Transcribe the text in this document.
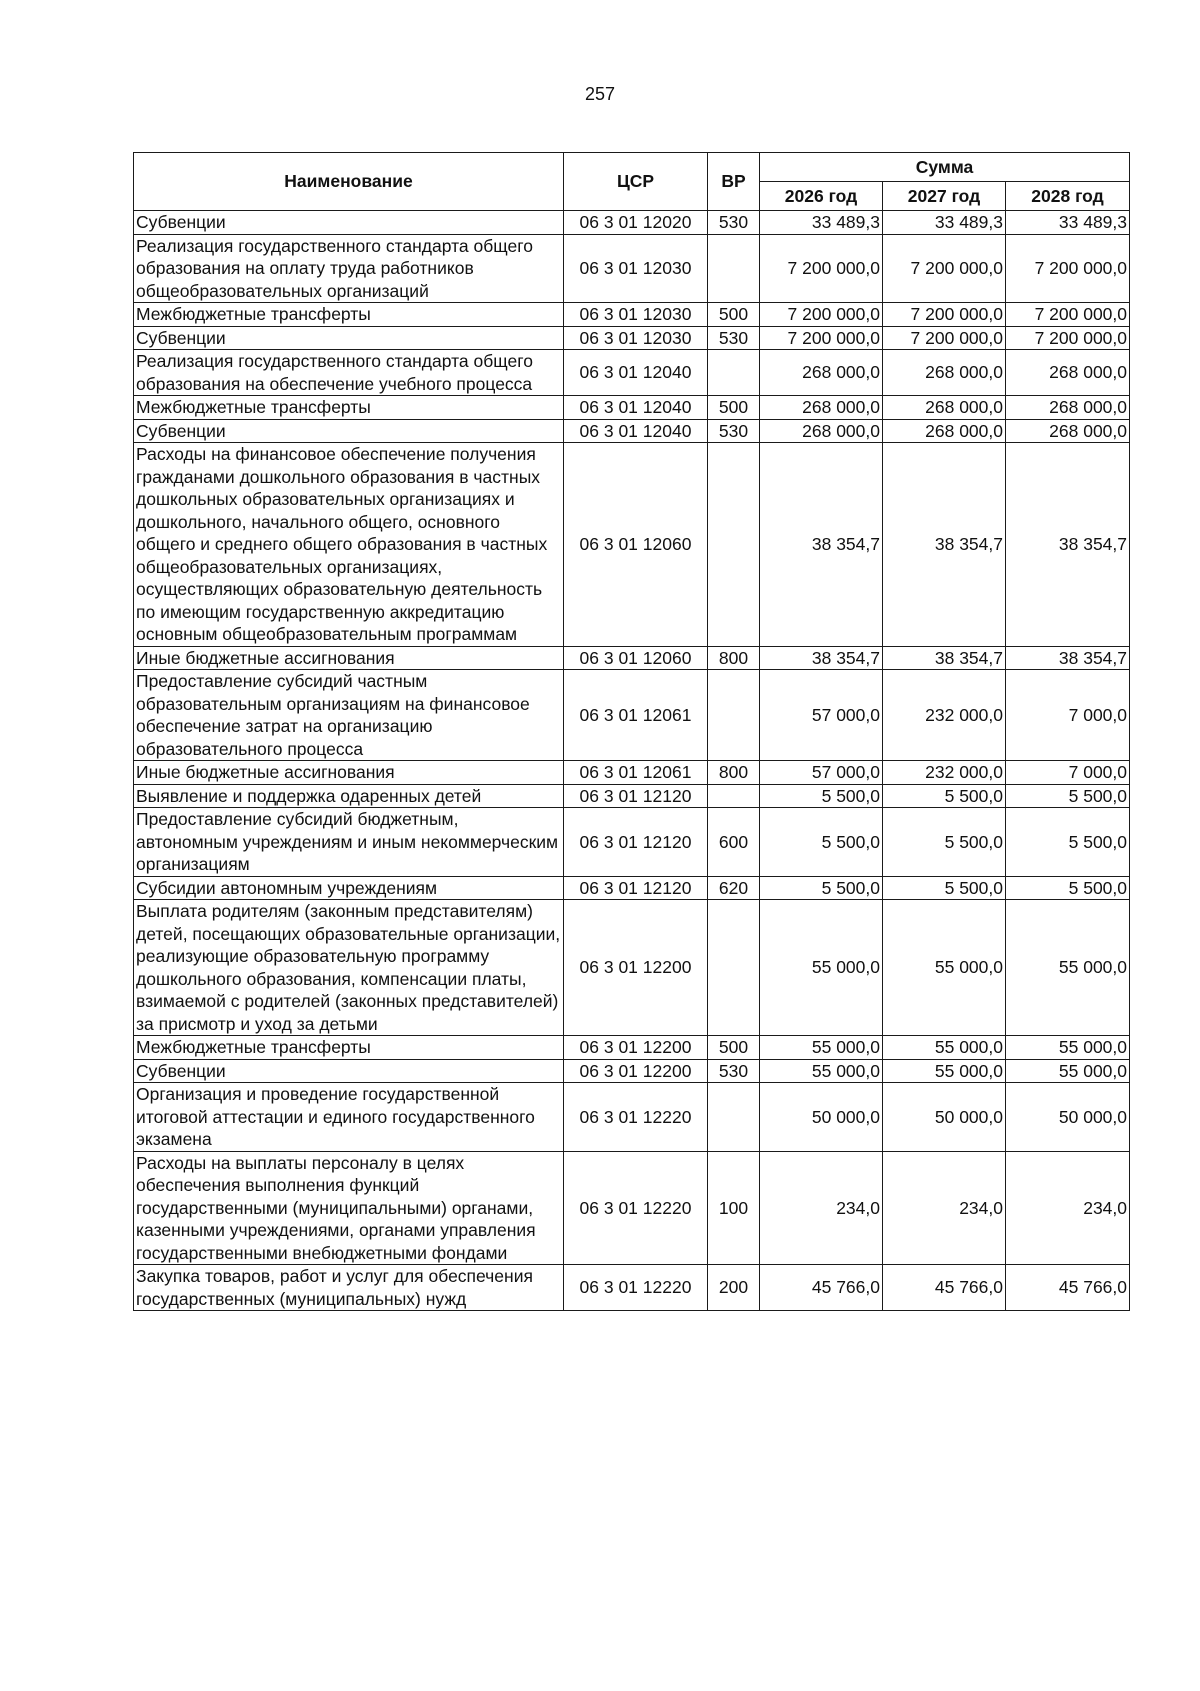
257
Наименование	ЦСР	ВР	Сумма		
			2026 год	2027 год	2028 год
Субвенции	06 3 01 12020	530	33 489,3	33 489,3	33 489,3
Реализация государственного стандарта общего образования на оплату труда работников общеобразовательных организаций	06 3 01 12030		7 200 000,0	7 200 000,0	7 200 000,0
Межбюджетные трансферты	06 3 01 12030	500	7 200 000,0	7 200 000,0	7 200 000,0
Субвенции	06 3 01 12030	530	7 200 000,0	7 200 000,0	7 200 000,0
Реализация государственного стандарта общего образования на обеспечение учебного процесса	06 3 01 12040		268 000,0	268 000,0	268 000,0
Межбюджетные трансферты	06 3 01 12040	500	268 000,0	268 000,0	268 000,0
Субвенции	06 3 01 12040	530	268 000,0	268 000,0	268 000,0
Расходы на финансовое обеспечение получения гражданами дошкольного образования в частных дошкольных образовательных организациях и дошкольного, начального общего, основного общего и среднего общего образования в частных общеобразовательных организациях, осуществляющих образовательную деятельность по имеющим государственную аккредитацию основным общеобразовательным программам	06 3 01 12060		38 354,7	38 354,7	38 354,7
Иные бюджетные ассигнования	06 3 01 12060	800	38 354,7	38 354,7	38 354,7
Предоставление субсидий частным образовательным организациям на финансовое обеспечение затрат на организацию образовательного процесса	06 3 01 12061		57 000,0	232 000,0	7 000,0
Иные бюджетные ассигнования	06 3 01 12061	800	57 000,0	232 000,0	7 000,0
Выявление и поддержка одаренных детей	06 3 01 12120		5 500,0	5 500,0	5 500,0
Предоставление субсидий бюджетным, автономным учреждениям и иным некоммерческим организациям	06 3 01 12120	600	5 500,0	5 500,0	5 500,0
Субсидии автономным учреждениям	06 3 01 12120	620	5 500,0	5 500,0	5 500,0
Выплата родителям (законным представителям) детей, посещающих образовательные организации, реализующие образовательную программу дошкольного образования, компенсации платы, взимаемой с родителей (законных представителей) за присмотр и уход за детьми	06 3 01 12200		55 000,0	55 000,0	55 000,0
Межбюджетные трансферты	06 3 01 12200	500	55 000,0	55 000,0	55 000,0
Субвенции	06 3 01 12200	530	55 000,0	55 000,0	55 000,0
Организация и проведение государственной итоговой аттестации и единого государственного экзамена	06 3 01 12220		50 000,0	50 000,0	50 000,0
Расходы на выплаты персоналу в целях обеспечения выполнения функций государственными (муниципальными) органами, казенными учреждениями, органами управления государственными внебюджетными фондами	06 3 01 12220	100	234,0	234,0	234,0
Закупка товаров, работ и услуг для обеспечения государственных (муниципальных) нужд	06 3 01 12220	200	45 766,0	45 766,0	45 766,0
